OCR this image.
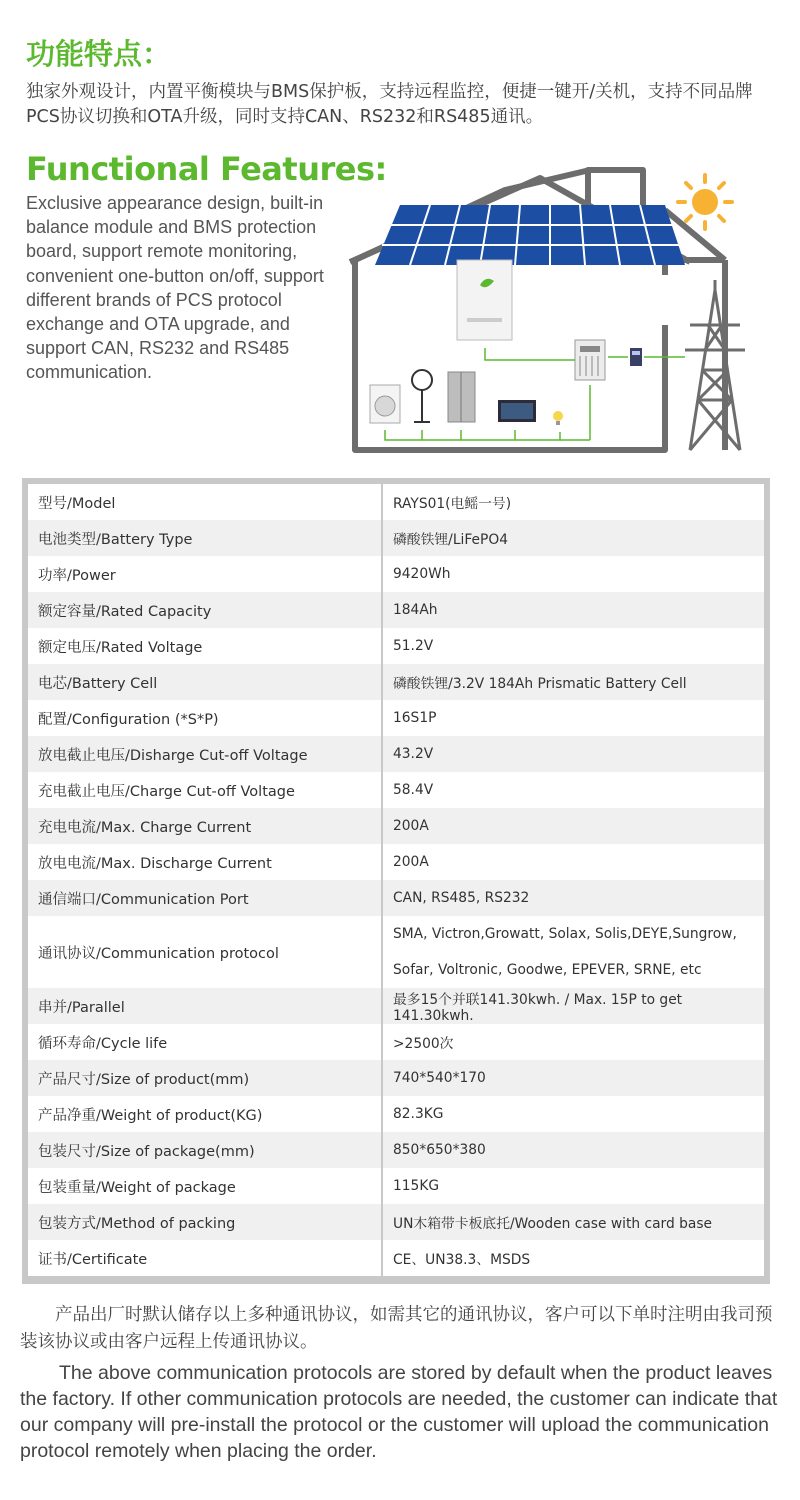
功能特点：

独家外观设计，内置平衡模块与BMS保护板，支持远程监控，便捷一键开/关机，支持不同品牌PCS协议切换和OTA升级，同时支持CAN、RS232和RS485通讯。

Functional Features:

Exclusive appearance design, built-in balance module and BMS protection board, support remote monitoring, convenient one-button on/off, support different brands of PCS protocol exchange and OTA upgrade, and support CAN, RS232 and RS485 communication.

型号/Model	RAYS01(电鳐一号)
电池类型/Battery Type	磷酸铁锂/LiFePO4
功率/Power	9420Wh
额定容量/Rated Capacity	184Ah
额定电压/Rated Voltage	51.2V
电芯/Battery Cell	磷酸铁锂/3.2V 184Ah Prismatic Battery Cell
配置/Configuration (*S*P)	16S1P
放电截止电压/Disharge Cut-off Voltage	43.2V
充电截止电压/Charge Cut-off Voltage	58.4V
充电电流/Max. Charge Current	200A
放电电流/Max. Discharge Current	200A
通信端口/Communication Port	CAN, RS485, RS232
通讯协议/Communication protocol	SMA, Victron,Growatt, Solax, Solis,DEYE,Sungrow,
Sofar, Voltronic, Goodwe, EPEVER, SRNE, etc

串并/Parallel	最多15个并联141.30kwh. / Max. 15P to get 141.30kwh.
循环寿命/Cycle life	>2500次
产品尺寸/Size of product(mm)	740*540*170
产品净重/Weight of product(KG)	82.3KG
包装尺寸/Size of package(mm)	850*650*380
包装重量/Weight of package	115KG
包装方式/Method of packing	UN木箱带卡板底托/Wooden case with card base
证书/Certificate	CE、UN38.3、MSDS

产品出厂时默认储存以上多种通讯协议，如需其它的通讯协议，客户可以下单时注明由我司预装该协议或由客户远程上传通讯协议。

The above communication protocols are stored by default when the product leaves the factory. If other communication protocols are needed, the customer can indicate that our company will pre-install the protocol or the customer will upload the communication protocol remotely when placing the order.
